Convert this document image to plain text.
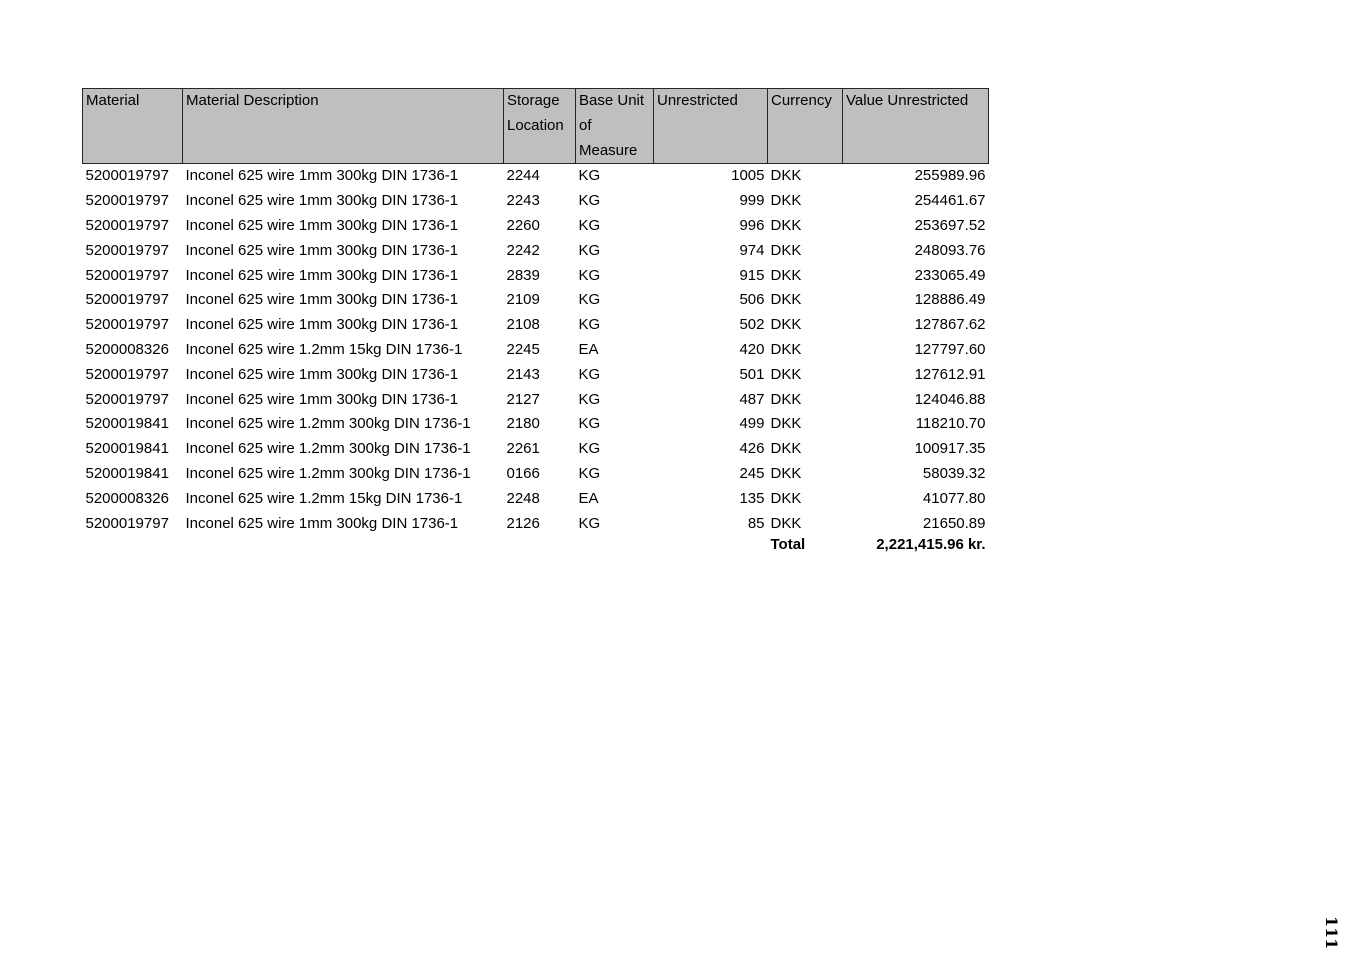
Material	Material Description	Storage Location	Base Unit of Measure	Unrestricted	Currency	Value Unrestricted
5200019797	Inconel 625 wire 1mm 300kg DIN 1736-1	2244	KG	1005	DKK	255989.96
5200019797	Inconel 625 wire 1mm 300kg DIN 1736-1	2243	KG	999	DKK	254461.67
5200019797	Inconel 625 wire 1mm 300kg DIN 1736-1	2260	KG	996	DKK	253697.52
5200019797	Inconel 625 wire 1mm 300kg DIN 1736-1	2242	KG	974	DKK	248093.76
5200019797	Inconel 625 wire 1mm 300kg DIN 1736-1	2839	KG	915	DKK	233065.49
5200019797	Inconel 625 wire 1mm 300kg DIN 1736-1	2109	KG	506	DKK	128886.49
5200019797	Inconel 625 wire 1mm 300kg DIN 1736-1	2108	KG	502	DKK	127867.62
5200008326	Inconel 625 wire 1.2mm 15kg DIN 1736-1	2245	EA	420	DKK	127797.60
5200019797	Inconel 625 wire 1mm 300kg DIN 1736-1	2143	KG	501	DKK	127612.91
5200019797	Inconel 625 wire 1mm 300kg DIN 1736-1	2127	KG	487	DKK	124046.88
5200019841	Inconel 625 wire 1.2mm 300kg DIN 1736-1	2180	KG	499	DKK	118210.70
5200019841	Inconel 625 wire 1.2mm 300kg DIN 1736-1	2261	KG	426	DKK	100917.35
5200019841	Inconel 625 wire 1.2mm 300kg DIN 1736-1	0166	KG	245	DKK	58039.32
5200008326	Inconel 625 wire 1.2mm 15kg DIN 1736-1	2248	EA	135	DKK	41077.80
5200019797	Inconel 625 wire 1mm 300kg DIN 1736-1	2126	KG	85	DKK	21650.89
					Total	2,221,415.96 kr.
111
